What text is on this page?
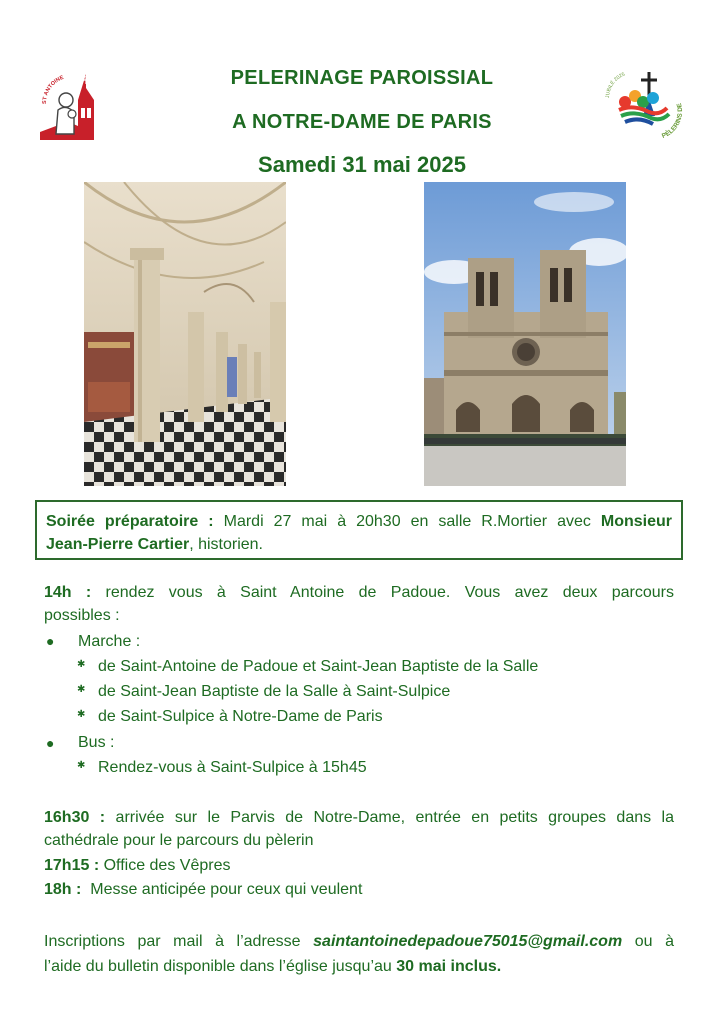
ST ANTOINE
JUBILÉ 2025
PÈLERINS DE
PELERINAGE PAROISSIAL
A NOTRE-DAME DE PARIS
Samedi 31 mai 2025
Soirée préparatoire : Mardi 27 mai à 20h30 en salle R.Mortier avec Monsieur
Jean-Pierre Cartier, historien.
14h : rendez vous à Saint Antoine de Padoue. Vous avez deux parcours
possibles :
● Marche :
✱ de Saint-Antoine de Padoue et Saint-Jean Baptiste de la Salle
✱ de Saint-Jean Baptiste de la Salle à Saint-Sulpice
✱ de Saint-Sulpice à Notre-Dame de Paris
● Bus :
✱ Rendez-vous à Saint-Sulpice à 15h45
16h30 : arrivée sur le Parvis de Notre-Dame, entrée en petits groupes dans la
cathédrale pour le parcours du pèlerin
17h15 : Office des Vêpres
18h :  Messe anticipée pour ceux qui veulent
Inscriptions par mail à l’adresse saintantoinedepadoue75015@gmail.com ou à
l’aide du bulletin disponible dans l’église jusqu’au 30 mai inclus.
